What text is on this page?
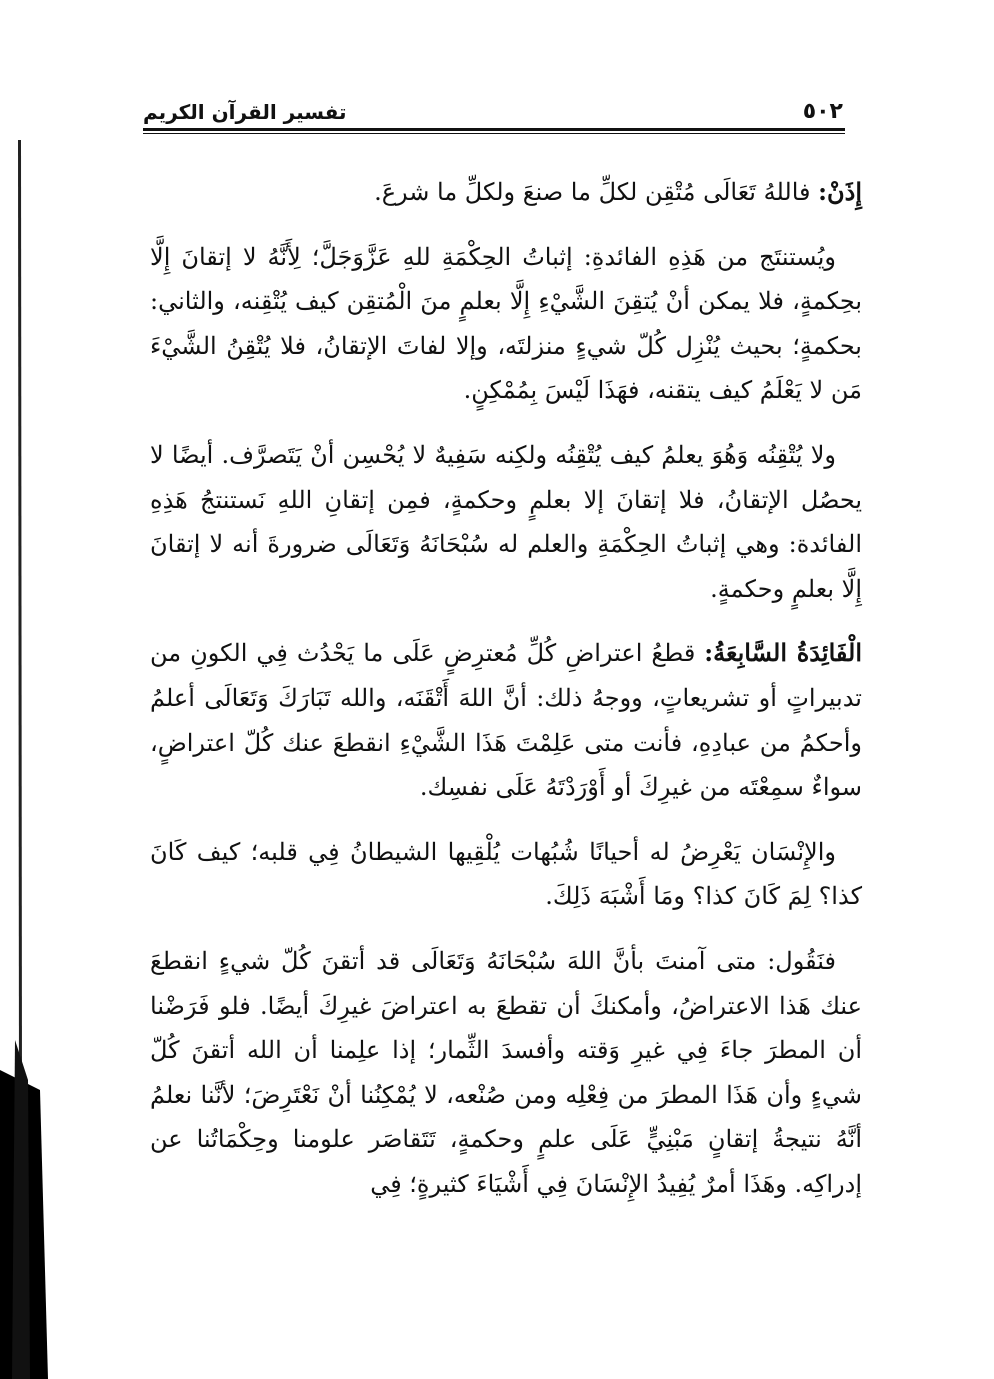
٥٠٢
تفسير القرآن الكريم

إِذَنْ: فاللهُ تَعَالَى مُتْقِن لكلِّ ما صنعَ ولكلِّ ما شرعَ.

ويُستنتَج من هَذِهِ الفائدةِ: إثباتُ الحِكْمَةِ للهِ عَزَّوَجَلَّ؛ لِأَنَّهُ لا إتقانَ إِلَّا بحِكمةٍ، فلا يمكن أنْ يُتقِنَ الشَّيْءِ إِلَّا بعلمٍ منَ الْمُتقِن كيف يُتْقِنه، والثاني: بحكمةٍ؛ بحيث يُنْزِل كُلّ شيءٍ منزلتَه، وإلا لفاتَ الإتقانُ، فلا يُتْقِنُ الشَّيْءَ مَن لا يَعْلَمُ كيف يتقنه، فهَذَا لَيْسَ بِمُمْكِنٍ.

ولا يُتْقِنُه وَهُوَ يعلمُ كيف يُتْقِنُه ولكِنه سَفِيهٌ لا يُحْسِن أنْ يَتَصرَّف. أيضًا لا يحصُل الإتقانُ، فلا إتقانَ إلا بعلمٍ وحكمةٍ، فمِن إتقانِ اللهِ نَستنتجُ هَذِهِ الفائدة: وهي إثباتُ الحِكْمَةِ والعلم له سُبْحَانَهُ وَتَعَالَى ضرورةَ أنه لا إتقانَ إِلَّا بعلمٍ وحكمةٍ.

الْفَائِدَةُ السَّابِعَةُ: قطعُ اعتراضِ كُلِّ مُعترِضٍ عَلَى ما يَحْدُث فِي الكونِ من تدبيراتٍ أو تشريعاتٍ، ووجهُ ذلك: أنَّ اللهَ أَتْقَنَه، والله تَبَارَكَ وَتَعَالَى أعلمُ وأحكمُ من عبادِهِ، فأنت متى عَلِمْتَ هَذَا الشَّيْءِ انقطعَ عنك كُلّ اعتراضٍ، سواءٌ سمِعْتَه من غيرِكَ أو أَوْرَدْتَهُ عَلَى نفسِك.

والإِنْسَان يَعْرِضُ له أحيانًا شُبُهات يُلْقِيها الشيطانُ فِي قلبه؛ كيف كَانَ كذا؟ لِمَ كَانَ كذا؟ ومَا أَشْبَهَ ذَلِكَ.

فنَقُول: متى آمنتَ بأنَّ اللهَ سُبْحَانَهُ وَتَعَالَى قد أتقنَ كُلّ شيءٍ انقطعَ عنك هَذا الاعتراضُ، وأمكنكَ أن تقطعَ به اعتراضَ غيرِكَ أيضًا. فلو فَرَضْنا أن المطرَ جاءَ فِي غيرِ وَقته وأفسدَ الثِّمار؛ إذا علِمنا أن الله أتقنَ كُلّ شيءٍ وأن هَذَا المطرَ من فِعْلِه ومن صُنْعه، لا يُمْكِنُنا أنْ نَعْتَرِضَ؛ لأنَّنا نعلمُ أنَّهُ نتيجةُ إتقانٍ مَبْنِيٍّ عَلَى علمٍ وحكمةٍ، تَتَقاصَر علومنا وحِكْمَاتُنا عن إدراكِه. وهَذَا أمرٌ يُفِيدُ الإِنْسَانَ فِي أَشْيَاءَ كثيرةٍ؛ فِي
